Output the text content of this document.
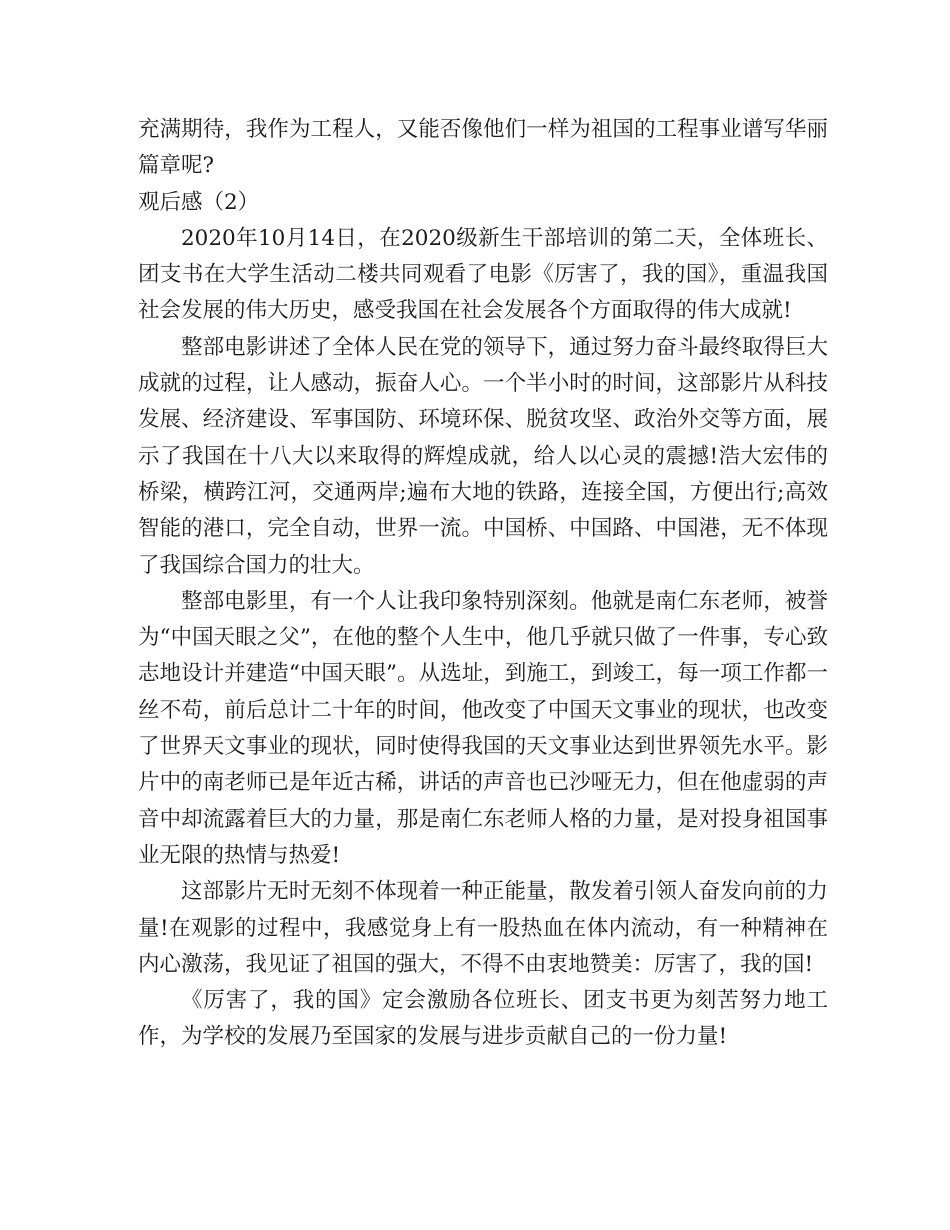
充满期待，我作为工程人，又能否像他们一样为祖国的工程事业谱写华丽篇章呢?

观后感（2）

2020年10月14日，在2020级新生干部培训的第二天，全体班长、团支书在大学生活动二楼共同观看了电影《厉害了，我的国》，重温我国社会发展的伟大历史，感受我国在社会发展各个方面取得的伟大成就!

整部电影讲述了全体人民在党的领导下，通过努力奋斗最终取得巨大成就的过程，让人感动，振奋人心。一个半小时的时间，这部影片从科技发展、经济建设、军事国防、环境环保、脱贫攻坚、政治外交等方面，展示了我国在十八大以来取得的辉煌成就，给人以心灵的震撼!浩大宏伟的桥梁，横跨江河，交通两岸;遍布大地的铁路，连接全国，方便出行;高效智能的港口，完全自动，世界一流。中国桥、中国路、中国港，无不体现了我国综合国力的壮大。

整部电影里，有一个人让我印象特别深刻。他就是南仁东老师，被誉为“中国天眼之父”，在他的整个人生中，他几乎就只做了一件事，专心致志地设计并建造“中国天眼”。从选址，到施工，到竣工，每一项工作都一丝不苟，前后总计二十年的时间，他改变了中国天文事业的现状，也改变了世界天文事业的现状，同时使得我国的天文事业达到世界领先水平。影片中的南老师已是年近古稀，讲话的声音也已沙哑无力，但在他虚弱的声音中却流露着巨大的力量，那是南仁东老师人格的力量，是对投身祖国事业无限的热情与热爱!

这部影片无时无刻不体现着一种正能量，散发着引领人奋发向前的力量!在观影的过程中，我感觉身上有一股热血在体内流动，有一种精神在内心激荡，我见证了祖国的强大，不得不由衷地赞美：厉害了，我的国!

《厉害了，我的国》定会激励各位班长、团支书更为刻苦努力地工作，为学校的发展乃至国家的发展与进步贡献自己的一份力量!
